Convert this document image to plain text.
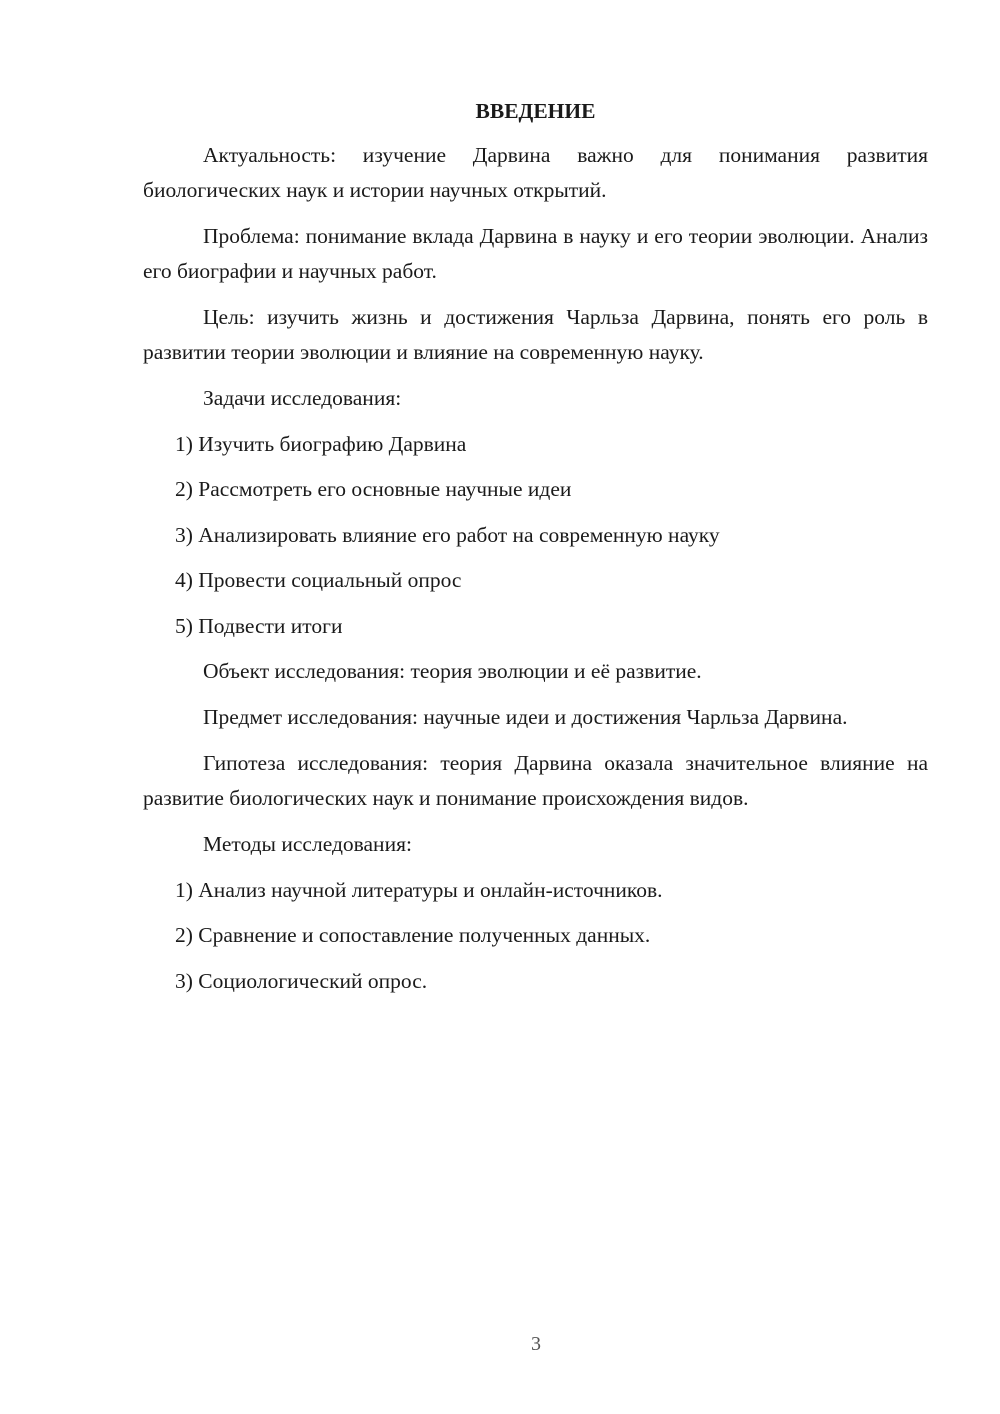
ВВЕДЕНИЕ

Актуальность: изучение Дарвина важно для понимания развития биологических наук и истории научных открытий.

Проблема: понимание вклада Дарвина в науку и его теории эволюции. Анализ его биографии и научных работ.

Цель: изучить жизнь и достижения Чарльза Дарвина, понять его роль в развитии теории эволюции и влияние на современную науку.

Задачи исследования:

1) Изучить биографию Дарвина
2) Рассмотреть его основные научные идеи
3) Анализировать влияние его работ на современную науку
4) Провести социальный опрос
5) Подвести итоги

Объект исследования: теория эволюции и её развитие.

Предмет исследования: научные идеи и достижения Чарльза Дарвина.

Гипотеза исследования: теория Дарвина оказала значительное влияние на развитие биологических наук и понимание происхождения видов.

Методы исследования:

1) Анализ научной литературы и онлайн-источников.
2) Сравнение и сопоставление полученных данных.
3) Социологический опрос.
3
